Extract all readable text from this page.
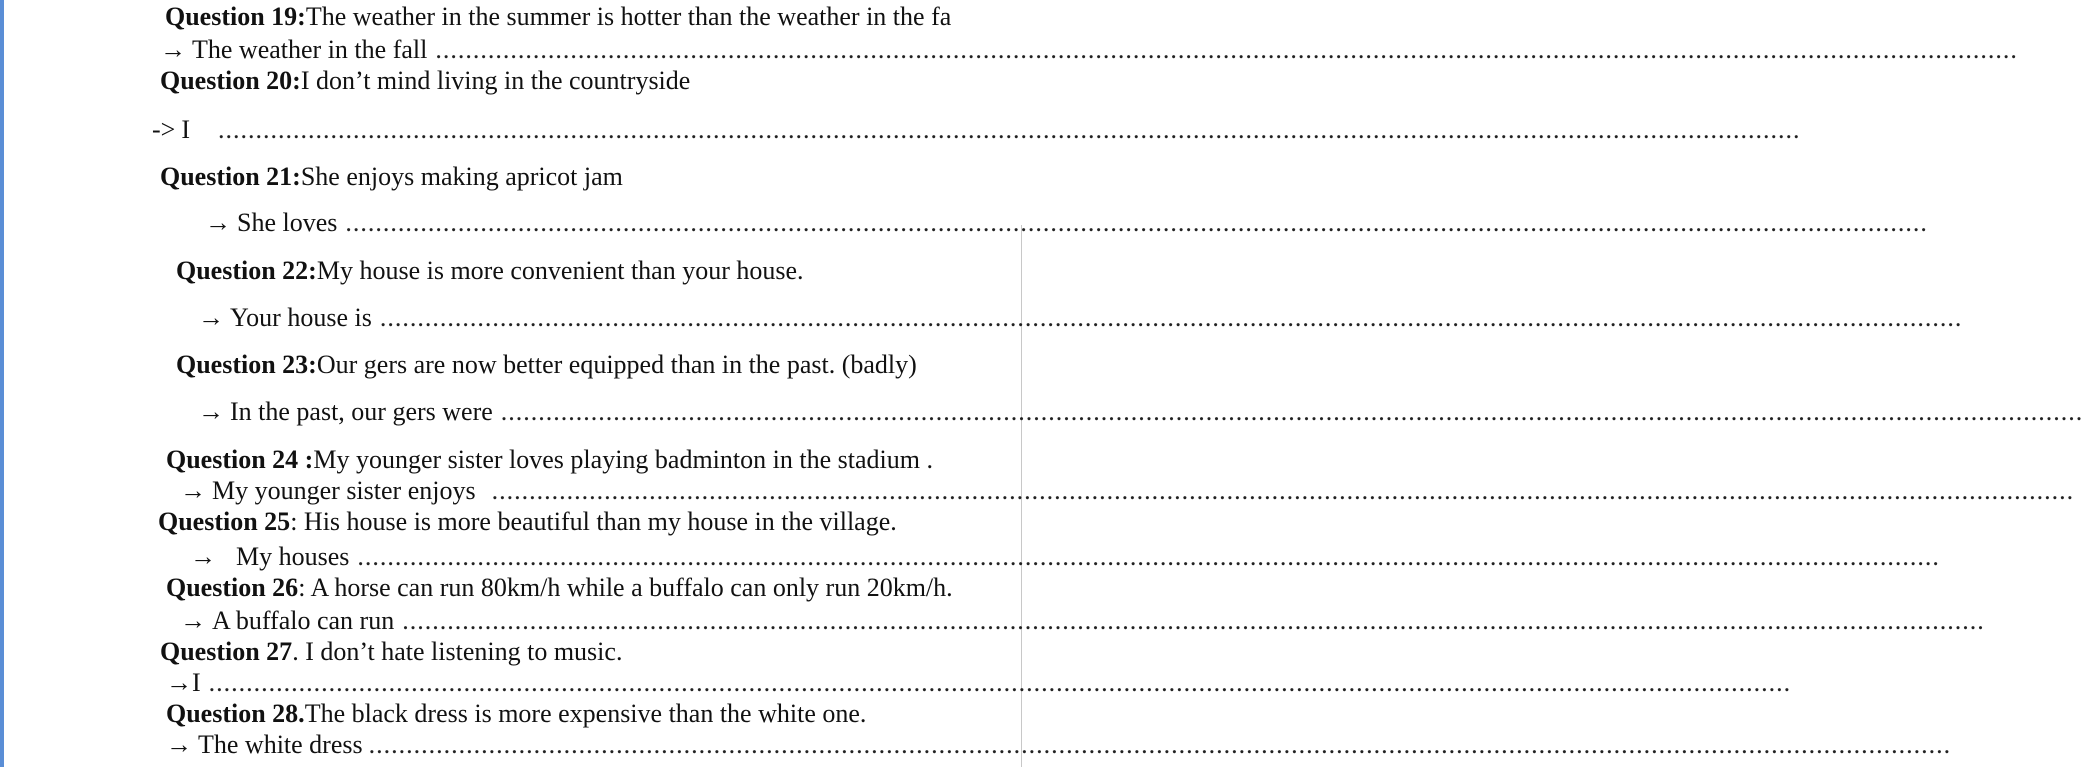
Question 19: The weather in the summer is hotter than the weather in the fa
→ The weather in the fall ...................................................................................................................................................................................................................
Question 20: I don’t mind living in the countryside
-> I ...................................................................................................................................................................................................................
Question 21: She enjoys making apricot jam
→ She loves ...................................................................................................................................................................................................................
Question 22: My house is more convenient than your house.
→ Your house is ...................................................................................................................................................................................................................
Question 23: Our gers are now better equipped than in the past. (badly)
→ In the past, our gers were ...................................................................................................................................................................................................................
Question 24 : My younger sister loves playing badminton in the stadium .
→ My younger sister enjoys ...................................................................................................................................................................................................................
Question 25 : His house is more beautiful than my house in the village.
→ My houses ...................................................................................................................................................................................................................
Question 26 : A horse can run 80km/h while a buffalo can only run 20km/h.
→ A buffalo can run ...................................................................................................................................................................................................................
Question 27 . I don’t hate listening to music.
→ I ...................................................................................................................................................................................................................
Question 28. The black dress is more expensive than the white one.
→ The white dress ...................................................................................................................................................................................................................
